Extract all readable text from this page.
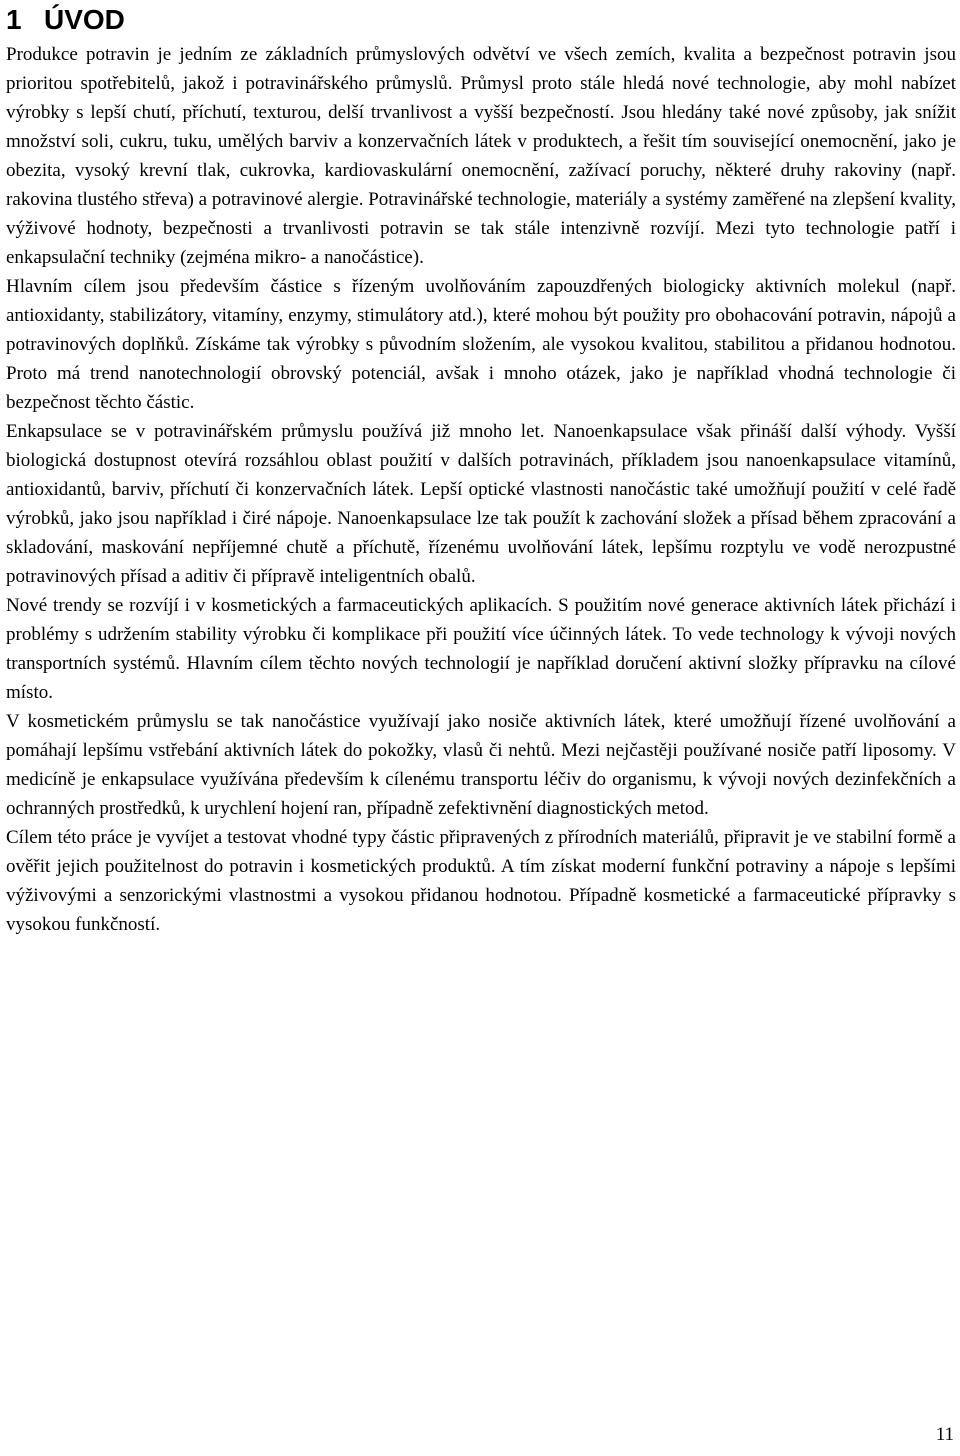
1 ÚVOD

Produkce potravin je jedním ze základních průmyslových odvětví ve všech zemích, kvalita a bezpečnost potravin jsou prioritou spotřebitelů, jakož i potravinářského průmyslů. Průmysl proto stále hledá nové technologie, aby mohl nabízet výrobky s lepší chutí, příchutí, texturou, delší trvanlivost a vyšší bezpečností. Jsou hledány také nové způsoby, jak snížit množství soli, cukru, tuku, umělých barviv a konzervačních látek v produktech, a řešit tím související onemocnění, jako je obezita, vysoký krevní tlak, cukrovka, kardiovaskulární onemocnění, zažívací poruchy, některé druhy rakoviny (např. rakovina tlustého střeva) a potravinové alergie. Potravinářské technologie, materiály a systémy zaměřené na zlepšení kvality, výživové hodnoty, bezpečnosti a trvanlivosti potravin se tak stále intenzivně rozvíjí. Mezi tyto technologie patří i enkapsulační techniky (zejména mikro- a nanočástice).

Hlavním cílem jsou především částice s řízeným uvolňováním zapouzdřených biologicky aktivních molekul (např. antioxidanty, stabilizátory, vitamíny, enzymy, stimulátory atd.), které mohou být použity pro obohacování potravin, nápojů a potravinových doplňků. Získáme tak výrobky s původním složením, ale vysokou kvalitou, stabilitou a přidanou hodnotou. Proto má trend nanotechnologií obrovský potenciál, avšak i mnoho otázek, jako je například vhodná technologie či bezpečnost těchto částic.

Enkapsulace se v potravinářském průmyslu používá již mnoho let. Nanoenkapsulace však přináší další výhody. Vyšší biologická dostupnost otevírá rozsáhlou oblast použití v dalších potravinách, příkladem jsou nanoenkapsulace vitamínů, antioxidantů, barviv, příchutí či konzervačních látek. Lepší optické vlastnosti nanočástic také umožňují použití v celé řadě výrobků, jako jsou například i čiré nápoje. Nanoenkapsulace lze tak použít k zachování složek a přísad během zpracování a skladování, maskování nepříjemné chutě a příchutě, řízenému uvolňování látek, lepšímu rozptylu ve vodě nerozpustné potravinových přísad a aditiv či přípravě inteligentních obalů.

Nové trendy se rozvíjí i v kosmetických a farmaceutických aplikacích. S použitím nové generace aktivních látek přichází i problémy s udržením stability výrobku či komplikace při použití více účinných látek. To vede technology k vývoji nových transportních systémů. Hlavním cílem těchto nových technologií je například doručení aktivní složky přípravku na cílové místo.

V kosmetickém průmyslu se tak nanočástice využívají jako nosiče aktivních látek, které umožňují řízené uvolňování a pomáhají lepšímu vstřebání aktivních látek do pokožky, vlasů či nehtů. Mezi nejčastěji používané nosiče patří liposomy. V medicíně je enkapsulace využívána především k cílenému transportu léčiv do organismu, k vývoji nových dezinfekčních a ochranných prostředků, k urychlení hojení ran, případně zefektivnění diagnostických metod.

Cílem této práce je vyvíjet a testovat vhodné typy částic připravených z přírodních materiálů, připravit je ve stabilní formě a ověřit jejich použitelnost do potravin i kosmetických produktů. A tím získat moderní funkční potraviny a nápoje s lepšími výživovými a senzorickými vlastnostmi a vysokou přidanou hodnotou. Případně kosmetické a farmaceutické přípravky s vysokou funkčností.

11
